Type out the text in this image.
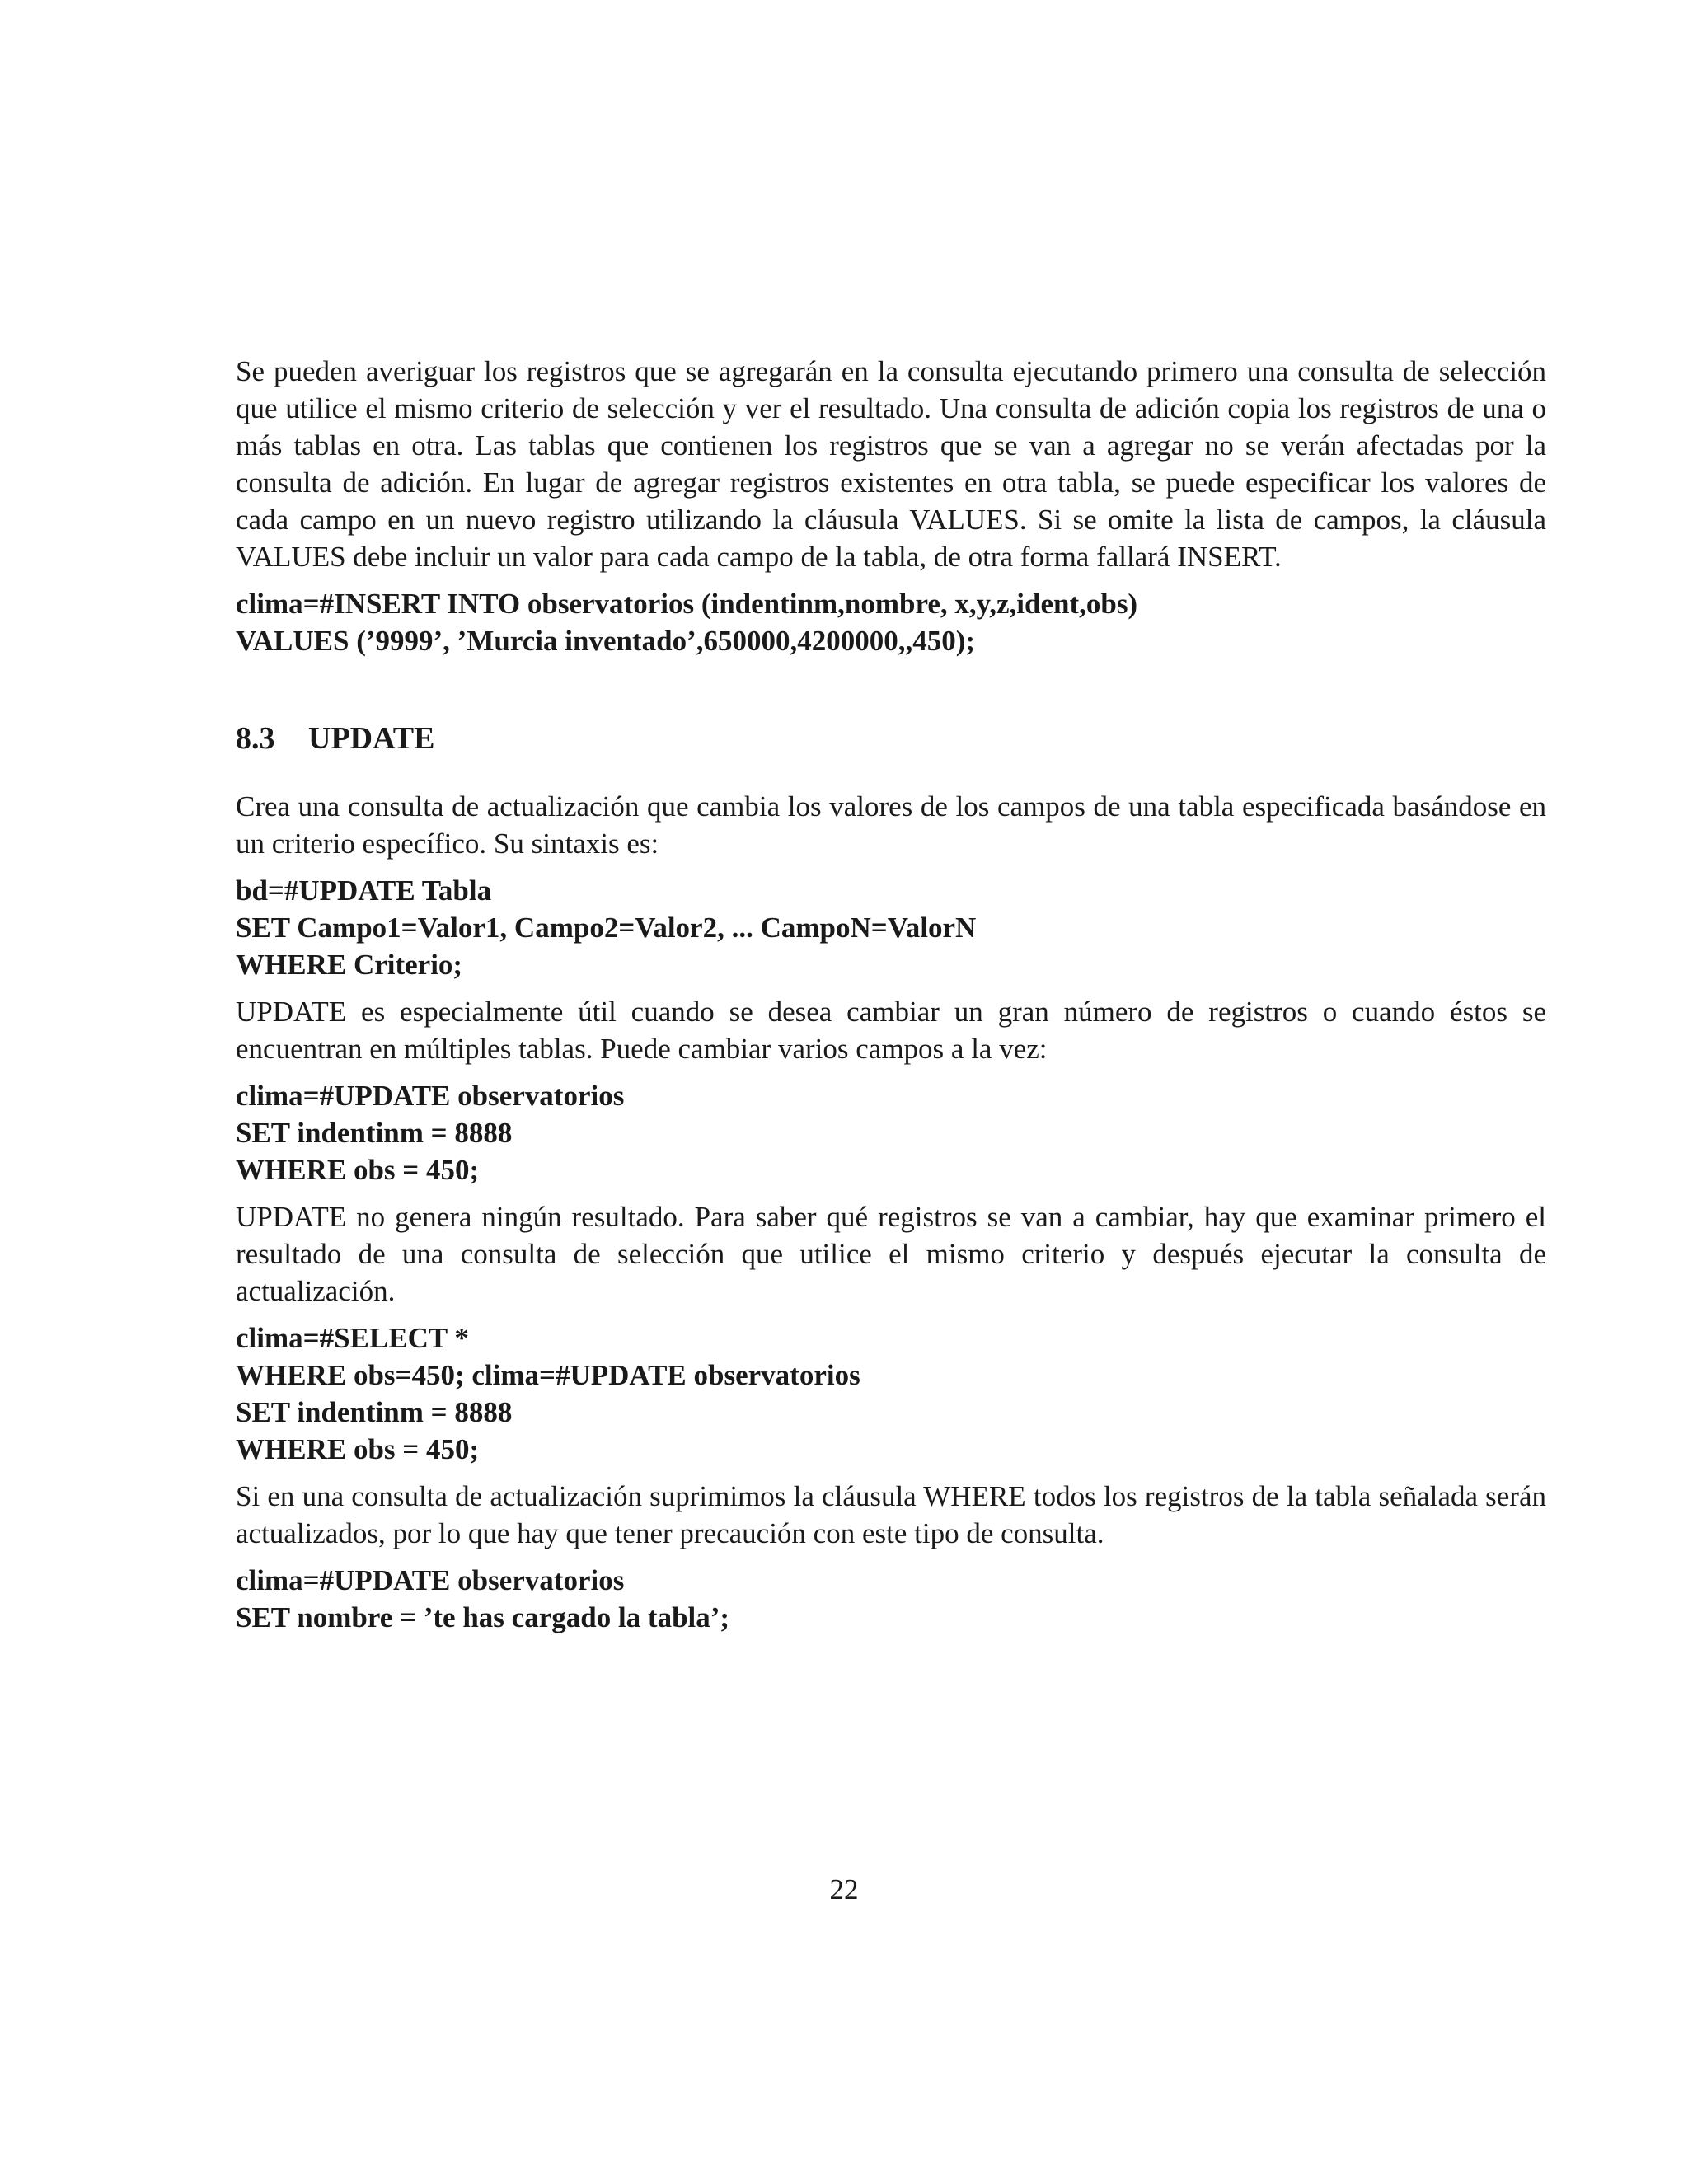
Se pueden averiguar los registros que se agregarán en la consulta ejecutando primero una consulta de selección que utilice el mismo criterio de selección y ver el resultado. Una consulta de adición copia los registros de una o más tablas en otra. Las tablas que contienen los registros que se van a agregar no se verán afectadas por la consulta de adición. En lugar de agregar registros existentes en otra tabla, se puede especificar los valores de cada campo en un nuevo registro utilizando la cláusula VALUES. Si se omite la lista de campos, la cláusula VALUES debe incluir un valor para cada campo de la tabla, de otra forma fallará INSERT.

clima=#INSERT INTO observatorios (indentinm,nombre, x,y,z,ident,obs)
VALUES (’9999’, ’Murcia inventado’,650000,4200000,,450);
8.3 UPDATE

Crea una consulta de actualización que cambia los valores de los campos de una tabla especificada basándose en un criterio específico. Su sintaxis es:

bd=#UPDATE Tabla
SET Campo1=Valor1, Campo2=Valor2, ... CampoN=ValorN
WHERE Criterio;

UPDATE es especialmente útil cuando se desea cambiar un gran número de registros o cuando éstos se encuentran en múltiples tablas. Puede cambiar varios campos a la vez:

clima=#UPDATE observatorios
SET indentinm = 8888
WHERE obs = 450;

UPDATE no genera ningún resultado. Para saber qué registros se van a cambiar, hay que examinar primero el resultado de una consulta de selección que utilice el mismo criterio y después ejecutar la consulta de actualización.

clima=#SELECT *
WHERE obs=450; clima=#UPDATE observatorios
SET indentinm = 8888
WHERE obs = 450;

Si en una consulta de actualización suprimimos la cláusula WHERE todos los registros de la tabla señalada serán actualizados, por lo que hay que tener precaución con este tipo de consulta.

clima=#UPDATE observatorios
SET nombre = ’te has cargado la tabla’;
22
